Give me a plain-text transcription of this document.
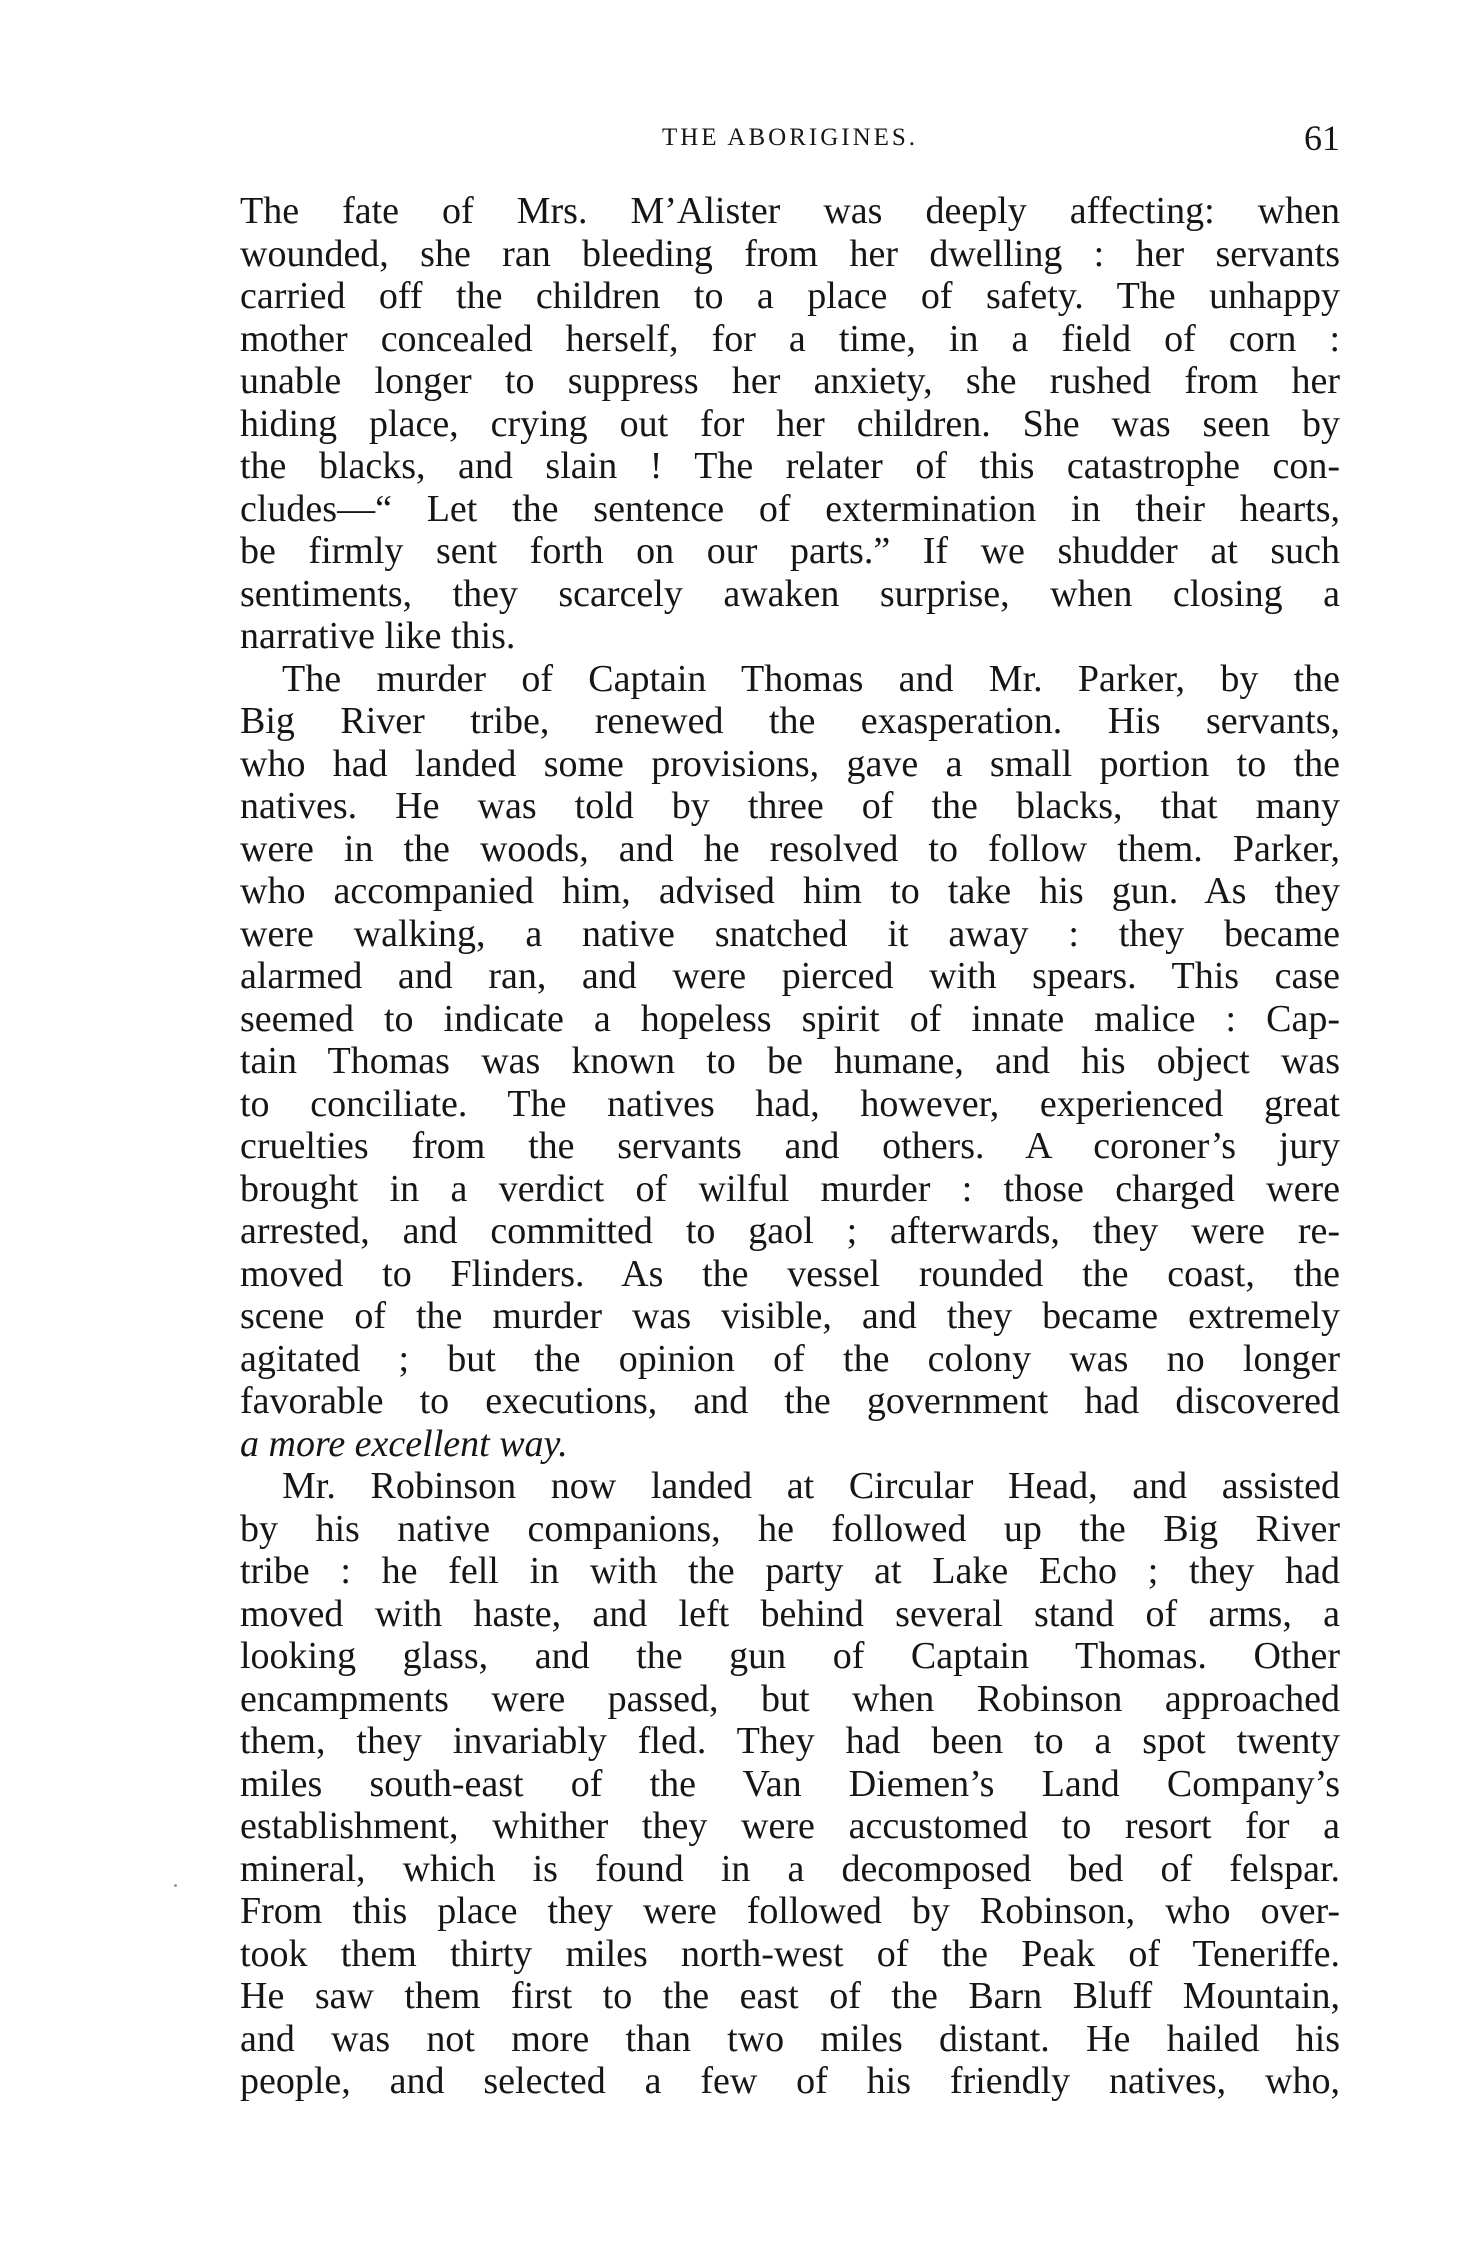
THE ABORIGINES.	61

The fate of Mrs. M’Alister was deeply affecting: when
wounded, she ran bleeding from her dwelling : her servants
carried off the children to a place of safety. The unhappy
mother concealed herself, for a time, in a field of corn :
unable longer to suppress her anxiety, she rushed from her
hiding place, crying out for her children. She was seen by
the blacks, and slain ! The relater of this catastrophe con-
cludes—“ Let the sentence of extermination in their hearts,
be firmly sent forth on our parts.” If we shudder at such
sentiments, they scarcely awaken surprise, when closing a
narrative like this.

The murder of Captain Thomas and Mr. Parker, by the
Big River tribe, renewed the exasperation. His servants,
who had landed some provisions, gave a small portion to the
natives. He was told by three of the blacks, that many
were in the woods, and he resolved to follow them. Parker,
who accompanied him, advised him to take his gun. As they
were walking, a native snatched it away : they became
alarmed and ran, and were pierced with spears. This case
seemed to indicate a hopeless spirit of innate malice : Cap-
tain Thomas was known to be humane, and his object was
to conciliate. The natives had, however, experienced great
cruelties from the servants and others. A coroner’s jury
brought in a verdict of wilful murder : those charged were
arrested, and committed to gaol ; afterwards, they were re-
moved to Flinders. As the vessel rounded the coast, the
scene of the murder was visible, and they became extremely
agitated ; but the opinion of the colony was no longer
favorable to executions, and the government had discovered
a more excellent way.

Mr. Robinson now landed at Circular Head, and assisted
by his native companions, he followed up the Big River
tribe : he fell in with the party at Lake Echo ; they had
moved with haste, and left behind several stand of arms, a
looking glass, and the gun of Captain Thomas. Other
encampments were passed, but when Robinson approached
them, they invariably fled. They had been to a spot twenty
miles south-east of the Van Diemen’s Land Company’s
establishment, whither they were accustomed to resort for a
mineral, which is found in a decomposed bed of felspar.
From this place they were followed by Robinson, who over-
took them thirty miles north-west of the Peak of Teneriffe.
He saw them first to the east of the Barn Bluff Mountain,
and was not more than two miles distant. He hailed his
people, and selected a few of his friendly natives, who,
